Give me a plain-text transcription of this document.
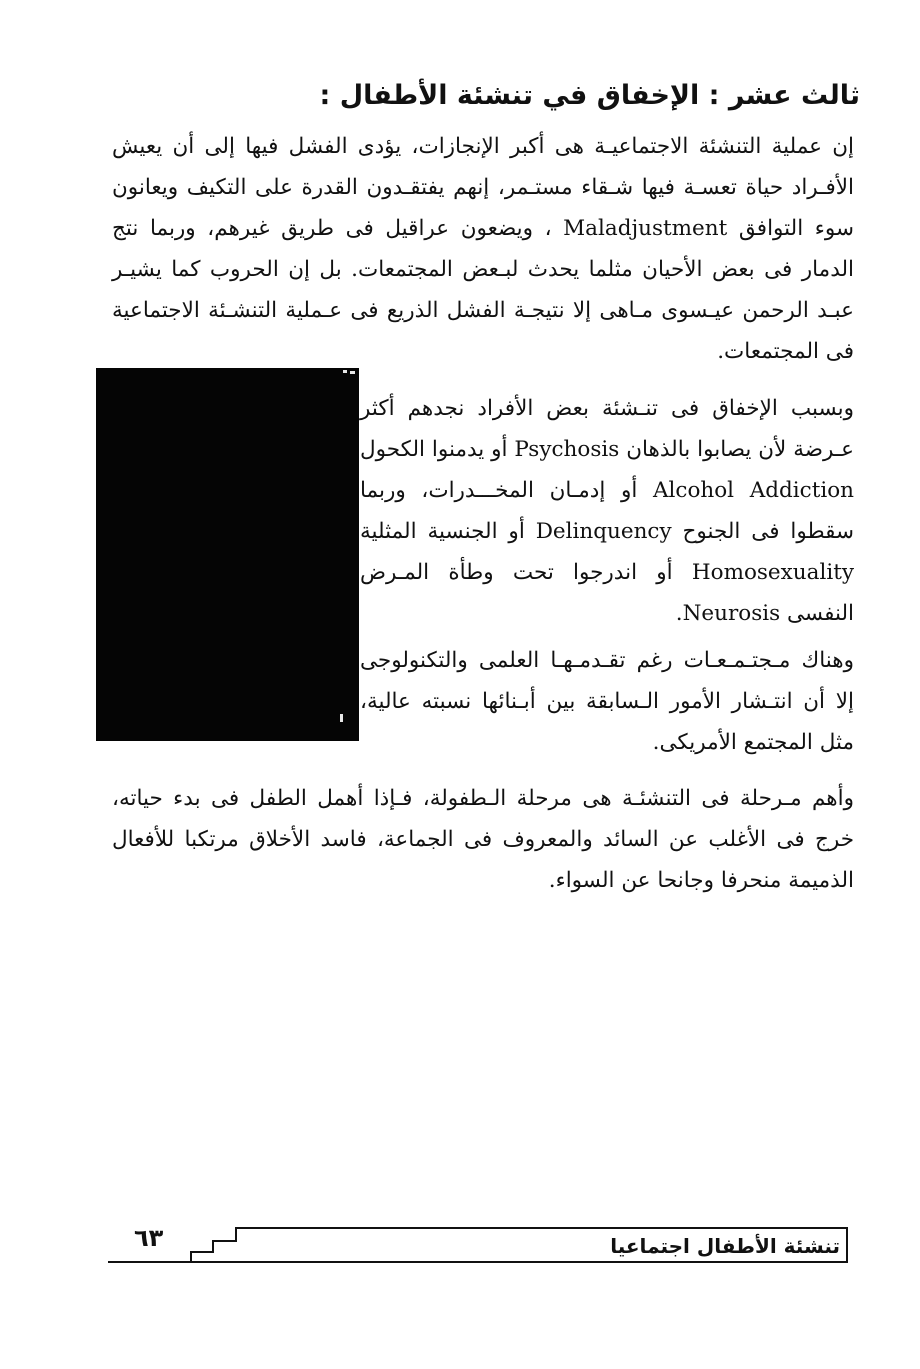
ثالث عشر : الإخفاق في تنشئة الأطفال :

إن عملية التنشئة الاجتماعيـة هى أكبر الإنجازات، يؤدى الفشل فيها إلى أن يعيش الأفـراد حياة تعسـة فيها شـقاء مستـمر، إنهم يفتقـدون القدرة على التكيف ويعانون سوء التوافق Maladjustment ، ويضعون عراقيل فى طريق غيرهم، وربما نتج الدمار فى بعض الأحيان مثلما يحدث لبـعض المجتمعات. بل إن الحروب كما يشيـر عبـد الرحمن عيـسوى مـاهى إلا نتيجـة الفشل الذريع فى عـملية التنشـئة الاجتماعية فى المجتمعات.

وبسبب الإخفاق فى تنـشئة بعض الأفراد نجدهم أكثر عـرضة لأن يصابوا بالذهان Psychosis أو يدمنوا الكحول Alcohol Addiction أو إدمـان المخـــدرات، وربما سقطوا فى الجنوح Delinquency أو الجنسية المثلية Homosexuality أو اندرجوا تحت وطأة المـرض النفسى Neurosis.

وهناك مـجتـمـعـات رغم تقـدمـهـا العلمى والتكنولوجى إلا أن انتـشار الأمور الـسابقة بين أبـنائها نسبته عالية، مثل المجتمع الأمريكى.

وأهم مـرحلة فى التنشئـة هى مرحلة الـطفولة، فـإذا أهمل الطفل فى بدء حياته، خرج فى الأغلب عن السائد والمعروف فى الجماعة، فاسد الأخلاق مرتكبا للأفعال الذميمة منحرفا وجانحا عن السواء.

تنشئة الأطفال اجتماعيا
٦٣
